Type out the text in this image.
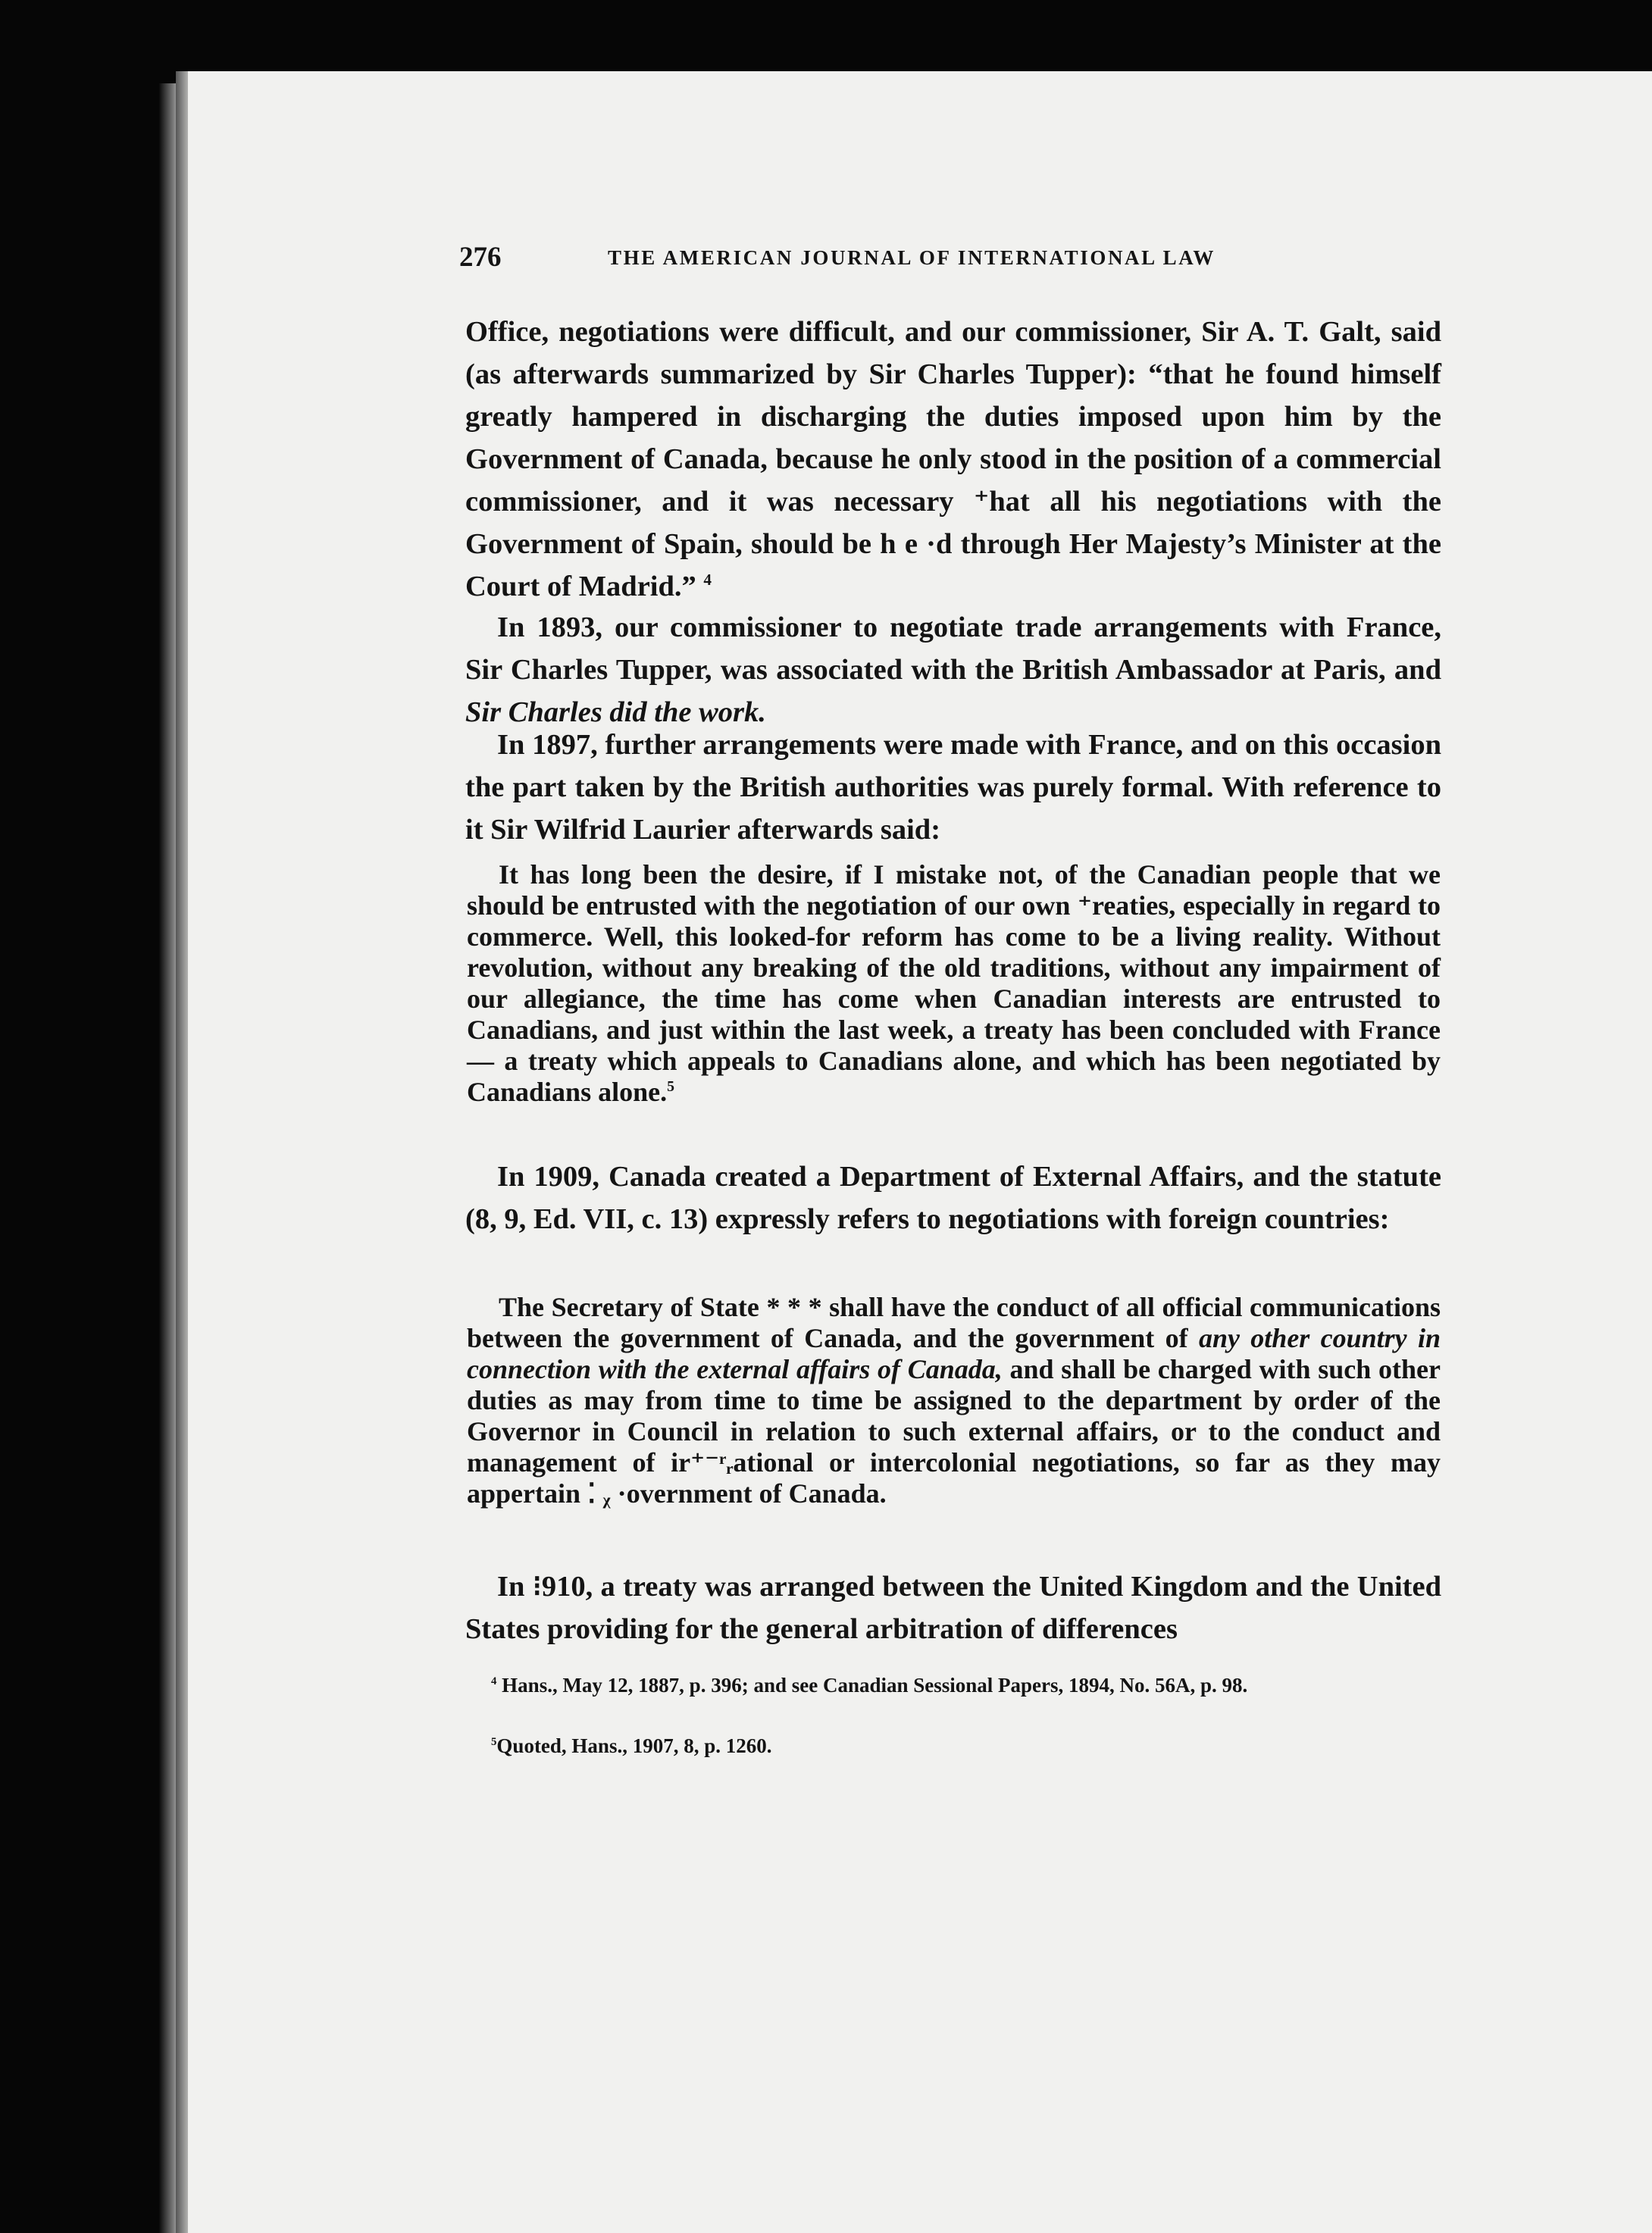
276	THE AMERICAN JOURNAL OF INTERNATIONAL LAW

Office, negotiations were difficult, and our commissioner, Sir A. T. Galt, said (as afterwards summarized by Sir Charles Tupper): “that he found himself greatly hampered in discharging the duties imposed upon him by the Government of Canada, because he only stood in the position of a commercial commissioner, and it was necessary ⁺hat all his negotiations with the Government of Spain, should be h e ·d through Her Majesty’s Minister at the Court of Madrid.” $^4$

In 1893, our commissioner to negotiate trade arrangements with France, Sir Charles Tupper, was associated with the British Ambassador at Paris, and Sir Charles did the work.

In 1897, further arrangements were made with France, and on this occasion the part taken by the British authorities was purely formal. With reference to it Sir Wilfrid Laurier afterwards said:

It has long been the desire, if I mistake not, of the Canadian people that we should be entrusted with the negotiation of our own ⁺reaties, especially in regard to commerce. Well, this looked-for reform has come to be a living reality. Without revolution, without any breaking of the old traditions, without any impairment of our allegiance, the time has come when Canadian interests are entrusted to Canadians, and just within the last week, a treaty has been concluded with France — a treaty which appeals to Canadians alone, and which has been negotiated by Canadians alone.$^5$

In 1909, Canada created a Department of External Affairs, and the statute (8, 9, Ed. VII, c. 13) expressly refers to negotiations with foreign countries:

The Secretary of State * * * shall have the conduct of all official communications between the government of Canada, and the government of any other country in connection with the external affairs of Canada, and shall be charged with such other duties as may from time to time be assigned to the department by order of the Governor in Council in relation to such external affairs, or to the conduct and management of ir⁺⁻ʳᵣational or intercolonial negotiations, so far as they may appertain ⁚ ᵪ ·overnment of Canada.

In ⁝910, a treaty was arranged between the United Kingdom and the United States providing for the general arbitration of differences

$^4$ Hans., May 12, 1887, p. 396; and see Canadian Sessional Papers, 1894, No. 56A, p. 98.

$^5$Quoted, Hans., 1907, 8, p. 1260.
